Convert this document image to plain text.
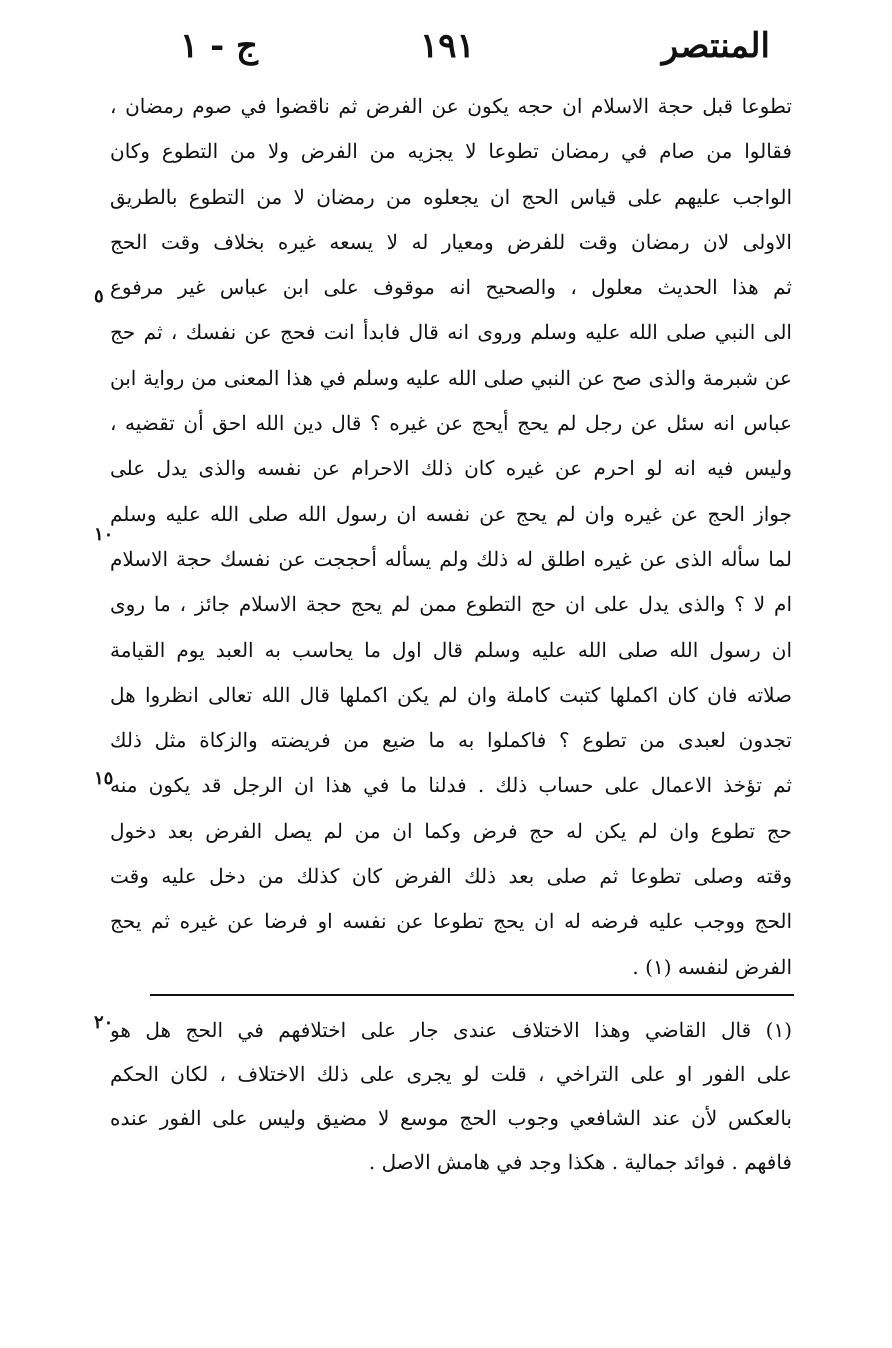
ج - ١	١٩١	المنتصر
٥
١٠
١٥
٢٠
تطوعا قبل حجة الاسلام ان حجه يكون عن الفرض ثم ناقضوا في صوم رمضان ،
فقالوا من صام في رمضان تطوعا لا يجزيه من الفرض ولا من التطوع وكان
الواجب عليهم على قياس الحج ان يجعلوه من رمضان لا من التطوع بالطريق
الاولى لان رمضان وقت للفرض ومعيار له لا يسعه غيره بخلاف وقت الحج
ثم هذا الحديث معلول ، والصحيح انه موقوف على ابن عباس غير مرفوع
الى النبي صلى الله عليه وسلم وروى انه قال فابدأ انت فحج عن نفسك ، ثم حج
عن شبرمة والذى صح عن النبي صلى الله عليه وسلم في هذا المعنى من رواية ابن
عباس انه سئل عن رجل لم يحج أيحج عن غيره ؟ قال دين الله احق أن تقضيه ،
وليس فيه انه لو احرم عن غيره كان ذلك الاحرام عن نفسه والذى يدل على
جواز الحج عن غيره وان لم يحج عن نفسه ان رسول الله صلى الله عليه وسلم
لما سأله الذى عن غيره اطلق له ذلك ولم يسأله أحججت عن نفسك حجة الاسلام
ام لا ؟ والذى يدل على ان حج التطوع ممن لم يحج حجة الاسلام جائز ، ما روى
ان رسول الله صلى الله عليه وسلم قال اول ما يحاسب به العبد يوم القيامة
صلاته فان كان اكملها كتبت كاملة وان لم يكن اكملها قال الله تعالى انظروا هل
تجدون لعبدى من تطوع ؟ فاكملوا به ما ضيع من فريضته والزكاة مثل ذلك
ثم تؤخذ الاعمال على حساب ذلك . فدلنا ما في هذا ان الرجل قد يكون منه
حج تطوع وان لم يكن له حج فرض وكما ان من لم يصل الفرض بعد دخول
وقته وصلى تطوعا ثم صلى بعد ذلك الفرض كان كذلك من دخل عليه وقت
الحج ووجب عليه فرضه له ان يحج تطوعا عن نفسه او فرضا عن غيره ثم يحج
الفرض لنفسه (١) .
(١) قال القاضي وهذا الاختلاف عندى جار على اختلافهم في الحج هل هو
على الفور او على التراخي ، قلت لو يجرى على ذلك الاختلاف ، لكان الحكم
بالعكس لأن عند الشافعي وجوب الحج موسع لا مضيق وليس على الفور عنده
فافهم . فوائد جمالية . هكذا وجد في هامش الاصل .
